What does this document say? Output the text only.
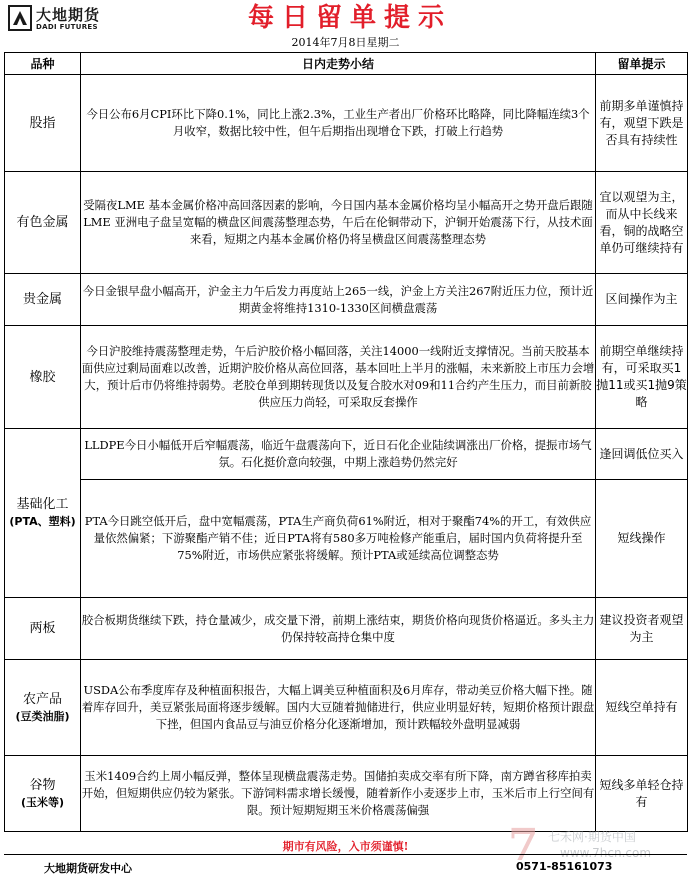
大地期货
DADI FUTURES	每日留单提示
2014年7月8日星期二
品种	日内走势小结	留单提示
股指	今日公布6月CPI环比下降0.1%，同比上涨2.3%，工业生产者出厂价格环比略降，同比降幅连续3个月收窄，数据比较中性，但午后期指出现增仓下跌，打破上行趋势	前期多单谨慎持有，观望下跌是否具有持续性
有色金属	受隔夜LME 基本金属价格冲高回落因素的影响，今日国内基本金属价格均呈小幅高开之势开盘后跟随LME 亚洲电子盘呈宽幅的横盘区间震荡整理态势，午后在伦铜带动下，沪铜开始震荡下行，从技术面来看，短期之内基本金属价格仍将呈横盘区间震荡整理态势	宜以观望为主，而从中长线来看，铜的战略空单仍可继续持有
贵金属	今日金银早盘小幅高开，沪金主力午后发力再度站上265一线，沪金上方关注267附近压力位，预计近期黄金将维持1310-1330区间横盘震荡	区间操作为主
橡胶	今日沪胶维持震荡整理走势，午后沪胶价格小幅回落，关注14000一线附近支撑情况。当前天胶基本面供应过剩局面难以改善，近期沪胶价格从高位回落，基本回吐上半月的涨幅，未来新胶上市压力会增大，预计后市仍将维持弱势。老胶仓单到期转现货以及复合胶水对09和11合约产生压力，而目前新胶供应压力尚轻，可采取反套操作	前期空单继续持有，可采取买1抛11或买1抛9策略

基础化工
(PTA、塑料)	LLDPE今日小幅低开后窄幅震荡，临近午盘震荡向下，近日石化企业陆续调涨出厂价格，提振市场气氛。石化挺价意向较强，中期上涨趋势仍然完好	逢回调低位买入
	PTA今日跳空低开后，盘中宽幅震荡，PTA生产商负荷61%附近，相对于聚酯74%的开工，有效供应量依然偏紧；下游聚酯产销不佳；近日PTA将有580多万吨检修产能重启，届时国内负荷将提升至75%附近，市场供应紧张将缓解。预计PTA或延续高位调整态势	短线操作
两板	胶合板期货继续下跌，持仓量减少，成交量下滑，前期上涨结束，期货价格向现货价格逼近。多头主力仍保持较高持仓集中度	建议投资者观望为主

农产品
(豆类油脂)	USDA公布季度库存及种植面积报告，大幅上调美豆种植面积及6月库存，带动美豆价格大幅下挫。随着库存回升，美豆紧张局面将逐步缓解。国内大豆随着抛储进行，供应业明显好转，短期价格预计跟盘下挫，但国内食品豆与油豆价格分化逐渐增加，预计跌幅较外盘明显减弱	短线空单持有

谷物
(玉米等)	玉米1409合约上周小幅反弹，整体呈现横盘震荡走势。国储拍卖成交率有所下降，南方蹲省移库拍卖开始，但短期供应仍较为紧张。下游饲料需求增长缓慢，随着新作小麦逐步上市，玉米后市上行空间有限。预计短期短期玉米价格震荡偏强	短线多单轻仓持有
7 七禾网·期货中国
www.7hcn.com
期市有风险，入市须谨慎!
大地期货研发中心	0571-85161073
